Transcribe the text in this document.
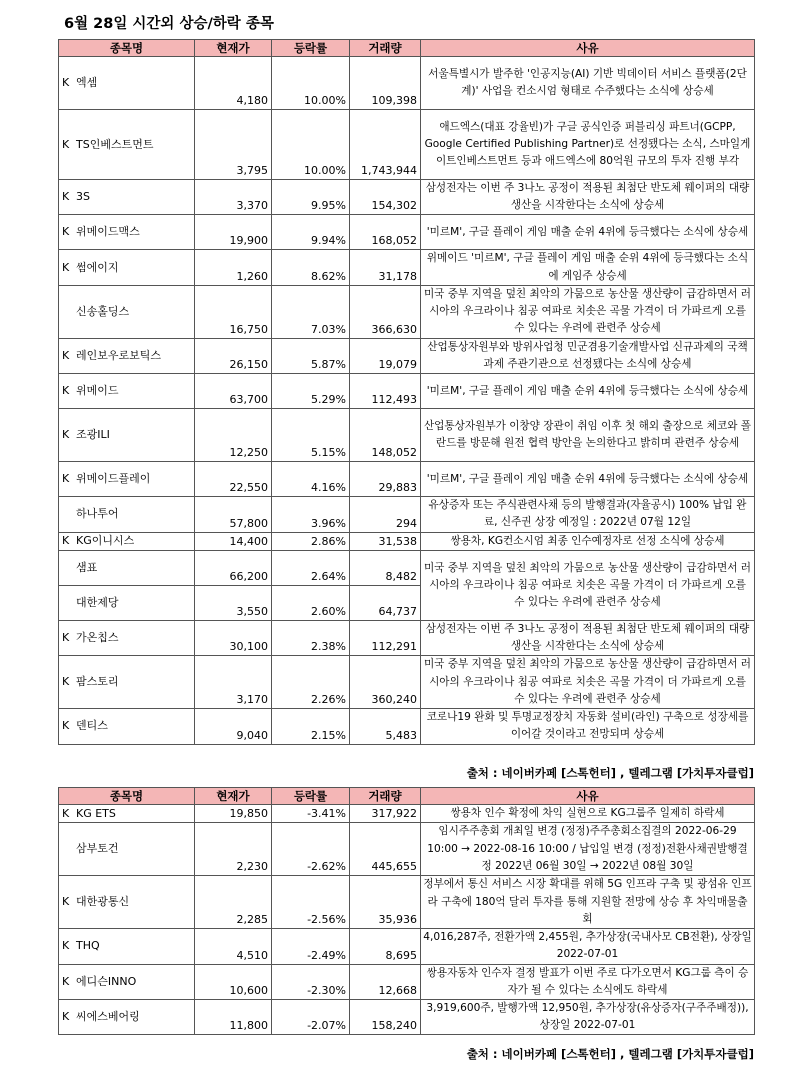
6월 28일 시간외 상승/하락 종목
종목명	현재가	등락률	거래량	사유
K 엑셈	4,180	10.00%	109,398	서울특별시가 발주한 '인공지능(AI) 기반 빅데이터 서비스 플랫폼(2단계)' 사업을 컨소시엄 형태로 수주했다는 소식에 상승세
K TS인베스트먼트	3,795	10.00%	1,743,944	애드엑스(대표 강율빈)가 구글 공식인증 퍼블리싱 파트너(GCPP, Google Certified Publishing Partner)로 선정됐다는 소식, 스마일게이트인베스트먼트 등과 애드엑스에 80억원 규모의 투자 진행 부각
K 3S	3,370	9.95%	154,302	삼성전자는 이번 주 3나노 공정이 적용된 최첨단 반도체 웨이퍼의 대량 생산을 시작한다는 소식에 상승세
K 위메이드맥스	19,900	9.94%	168,052	'미르M', 구글 플레이 게임 매출 순위 4위에 등극했다는 소식에 상승세
K 썸에이지	1,260	8.62%	31,178	위메이드 '미르M', 구글 플레이 게임 매출 순위 4위에 등극했다는 소식에 게임주 상승세
신송홀딩스	16,750	7.03%	366,630	미국 중부 지역을 덮친 최악의 가뭄으로 농산물 생산량이 급감하면서 러시아의 우크라이나 침공 여파로 치솟은 곡물 가격이 더 가파르게 오를 수 있다는 우려에 관련주 상승세
K 레인보우로보틱스	26,150	5.87%	19,079	산업통상자원부와 방위사업청 민군겸용기술개발사업 신규과제의 국책과제 주관기관으로 선정됐다는 소식에 상승세
K 위메이드	63,700	5.29%	112,493	'미르M', 구글 플레이 게임 매출 순위 4위에 등극했다는 소식에 상승세
K 조광ILI	12,250	5.15%	148,052	산업통상자원부가 이창양 장관이 취임 이후 첫 해외 출장으로 체코와 폴란드를 방문해 원전 협력 방안을 논의한다고 밝히며 관련주 상승세
K 위메이드플레이	22,550	4.16%	29,883	'미르M', 구글 플레이 게임 매출 순위 4위에 등극했다는 소식에 상승세
하나투어	57,800	3.96%	294	유상증자 또는 주식관련사채 등의 발행결과(자율공시) 100% 납입 완료, 신주권 상장 예정일 : 2022년 07월 12일
K KG이니시스	14,400	2.86%	31,538	쌍용차, KG컨소시엄 최종 인수예정자로 선정 소식에 상승세
샘표	66,200	2.64%	8,482	미국 중부 지역을 덮친 최악의 가뭄으로 농산물 생산량이 급감하면서 러시아의 우크라이나 침공 여파로 치솟은 곡물 가격이 더 가파르게 오를 수 있다는 우려에 관련주 상승세
대한제당	3,550	2.60%	64,737	
K 가온칩스	30,100	2.38%	112,291	삼성전자는 이번 주 3나노 공정이 적용된 최첨단 반도체 웨이퍼의 대량 생산을 시작한다는 소식에 상승세
K 팜스토리	3,170	2.26%	360,240	미국 중부 지역을 덮친 최악의 가뭄으로 농산물 생산량이 급감하면서 러시아의 우크라이나 침공 여파로 치솟은 곡물 가격이 더 가파르게 오를 수 있다는 우려에 관련주 상승세
K 덴티스	9,040	2.15%	5,483	코로나19 완화 및 투명교정장치 자동화 설비(라인) 구축으로 성장세를 이어갈 것이라고 전망되며 상승세
출처 : 네이버카페 [스톡헌터] , 텔레그램 [가치투자클럽]
종목명	현재가	등락률	거래량	사유
K KG ETS	19,850	-3.41%	317,922	쌍용차 인수 확정에 차익 실현으로 KG그룹주 일제히 하락세
삼부토건	2,230	-2.62%	445,655	임시주주총회 개최일 변경 (정정)주주총회소집결의 2022-06-29 10:00 → 2022-08-16 10:00 / 납입일 변경 (정정)전환사채권발행결정 2022년 06월 30일 → 2022년 08월 30일
K 대한광통신	2,285	-2.56%	35,936	정부에서 통신 서비스 시장 확대를 위해 5G 인프라 구축 및 광섬유 인프라 구축에 180억 달러 투자를 통해 지원할 전망에 상승 후 차익매물출회
K THQ	4,510	-2.49%	8,695	4,016,287주, 전환가액 2,455원, 추가상장(국내사모 CB전환), 상장일 2022-07-01
K 에디슨INNO	10,600	-2.30%	12,668	쌍용자동차 인수자 결정 발표가 이번 주로 다가오면서 KG그룹 측이 승자가 될 수 있다는 소식에도 하락세
K 씨에스베어링	11,800	-2.07%	158,240	3,919,600주, 발행가액 12,950원, 추가상장(유상증자(구주주배정)), 상장일 2022-07-01
출처 : 네이버카페 [스톡헌터] , 텔레그램 [가치투자클럽]
